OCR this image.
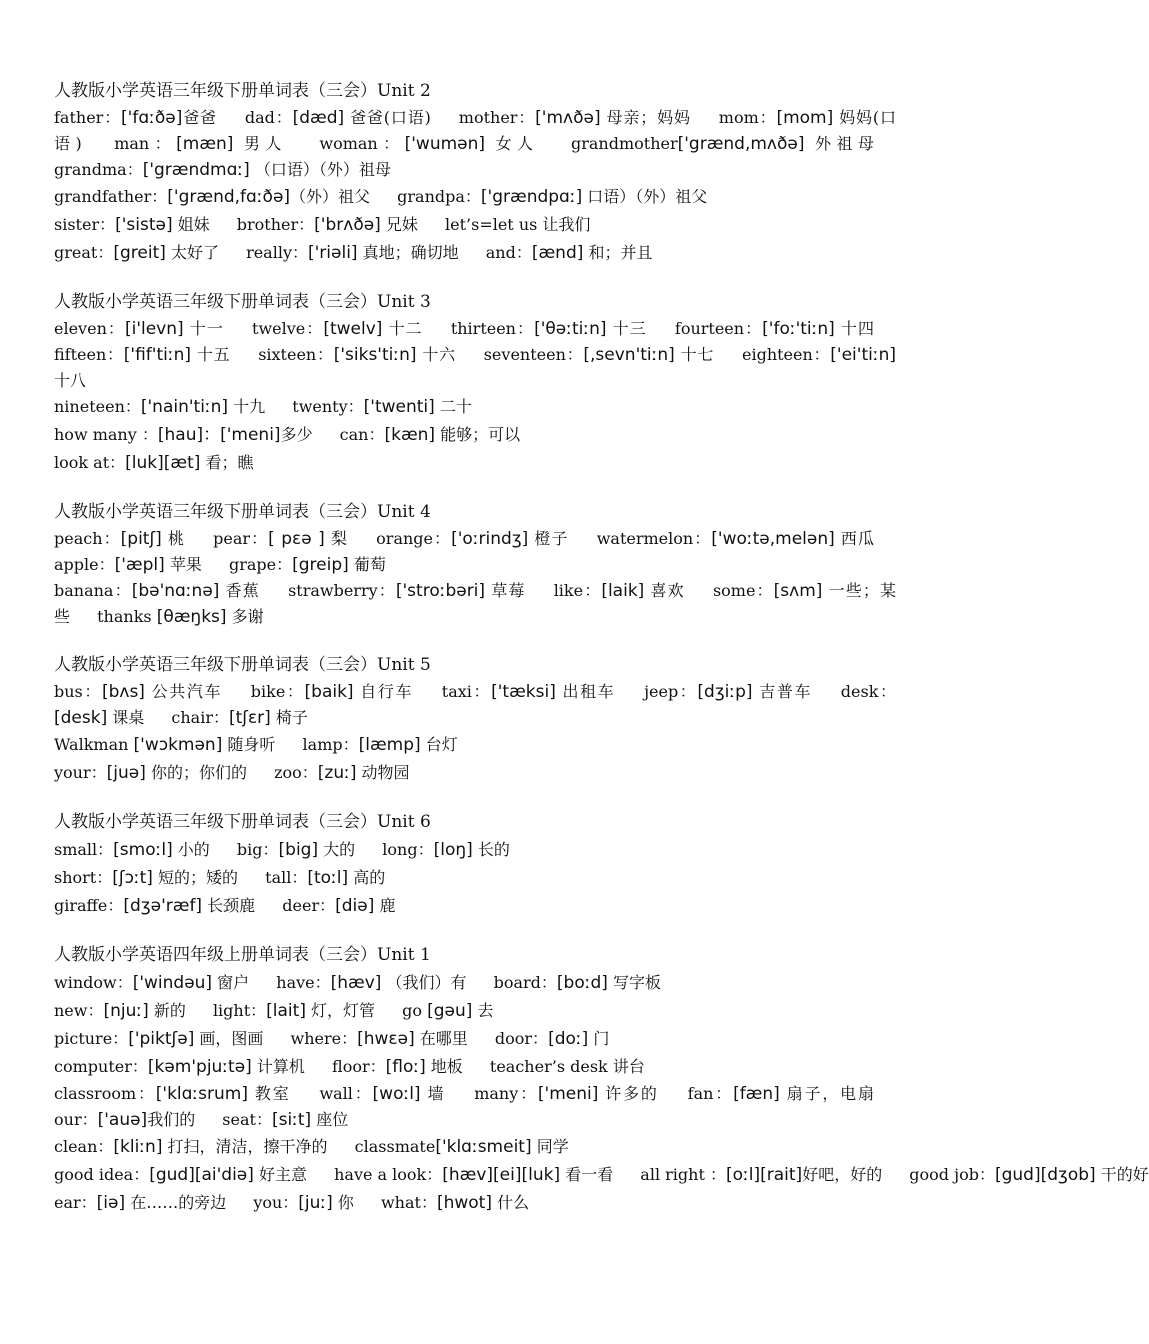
人教版小学英语三年级下册单词表（三会）Unit 2
father：['fɑːðə]爸爸 dad：[dæd] 爸爸(口语) mother：['mʌðə] 母亲；妈妈 mom：[mom] 妈妈(口语) man：[mæn] 男人 woman：['wumən] 女人 grandmother['grænd,mʌðə] 外祖母 grandma：['grændmɑː] （口语）（外）祖母
grandfather：['grænd,fɑːðə]（外）祖父 grandpa：['grændpɑː] 口语）（外）祖父
sister：['sistə] 姐妹 brother：['brʌðə] 兄妹 let’s=let us 让我们
great：[greit] 太好了 really：['riəli] 真地；确切地 and：[ænd] 和；并且
人教版小学英语三年级下册单词表（三会）Unit 3
eleven：[i'levn] 十一 twelve：[twelv] 十二 thirteen：['θəːtiːn] 十三 fourteen：['foː'tiːn] 十四 fifteen：['fif'tiːn] 十五 sixteen：['siks'tiːn] 十六 seventeen：[,sevn'tiːn] 十七 eighteen：['ei'tiːn] 十八
nineteen：['nain'tiːn] 十九 twenty：['twenti] 二十
how many ：[hau]：['meni]多少 can：[kæn] 能够；可以
look at：[luk][æt] 看；瞧
人教版小学英语三年级下册单词表（三会）Unit 4
peach：[pitʃ] 桃 pear：[ pεə ] 梨 orange：['oːrindʒ] 橙子 watermelon：['woːtə,melən] 西瓜 apple：['æpl] 苹果 grape：[greip] 葡萄
banana：[bə'nɑːnə] 香蕉 strawberry：['stroːbəri] 草莓 like：[laik] 喜欢 some：[sʌm] 一些；某些 thanks [θæŋks] 多谢
人教版小学英语三年级下册单词表（三会）Unit 5
bus：[bʌs] 公共汽车 bike：[baik] 自行车 taxi：['tæksi] 出租车 jeep：[dʒiːp] 吉普车 desk：[desk] 课桌 chair：[tʃɛr] 椅子
Walkman ['wɔkmən] 随身听 lamp：[læmp] 台灯
your：[juə] 你的；你们的 zoo：[zuː] 动物园
人教版小学英语三年级下册单词表（三会）Unit 6
small：[smoːl] 小的 big：[big] 大的 long：[loŋ] 长的
short：[ʃɔːt] 短的；矮的 tall：[toːl] 高的
giraffe：[dʒə'ræf] 长颈鹿 deer：[diə] 鹿
人教版小学英语四年级上册单词表（三会）Unit 1
window：['windəu] 窗户 have：[hæv] （我们）有 board：[boːd] 写字板
new：[njuː] 新的 light：[lait] 灯，灯管 go [gəu] 去
picture：['piktʃə] 画，图画 where：[hwεə] 在哪里 door：[doː] 门
computer：[kəm'pjuːtə] 计算机 floor：[floː] 地板 teacher’s desk 讲台
classroom：['klɑːsrum] 教室 wall：[woːl] 墙 many：['meni] 许多的 fan：[fæn] 扇子，电扇 our：['auə]我们的 seat：[siːt] 座位
clean：[kliːn] 打扫，清洁，擦干净的 classmate['klɑːsmeit] 同学
good idea：[gud][ai'diə] 好主意 have a look：[hæv][ei][luk] 看一看 all right ：[oːl][rait]好吧，好的 good job：[gud][dʒob] 干的好
ear：[iə] 在……的旁边 you：[juː] 你 what：[hwot] 什么
